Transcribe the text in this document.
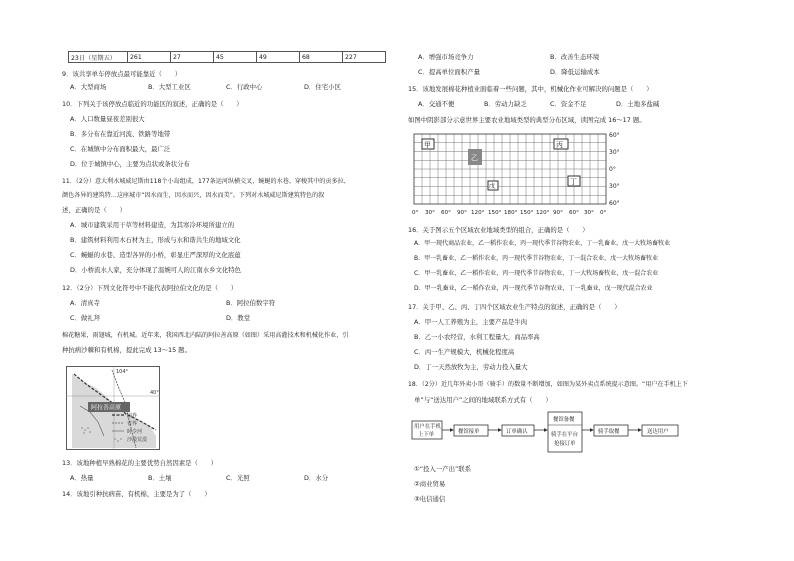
23日（星期五）	261	27	45	49	68	227
9．该共享单车停放点最可能靠近（　　）
A．大型商场	B．大型工业区	C．行政中心	D．住宅小区
10．下列关于该停放点临近的功能区的叙述，正确的是（　　）
A．人口数量昼夜差别很大
B．多分布在靠近河流、铁路等地带
C．在城镇中分布面积最大，最广泛
D．位于城镇中心，主要为点状或条状分布
11．（2分）意大利水城威尼斯由118个小岛组成，177条运河纵横交叉，蜿蜒的水巷、穿梭其中的贡多拉、
颜色各异的建筑特…这座城市“因水而生，因水而兴，因水而美”。下列对水城威尼斯建筑特色的叙
述，正确的是（　　）
A．城市建筑采用干草等材料建造，为其寒冷环境所建立的
B．建筑材料利用木石材为主，形成与水和谐共生的地域文化
C．蜿蜒的水巷、造型各异的小桥，彰显庄严深厚的文化底蕴
D．小桥流水人家，充分体现了温婉可人的江南水乡文化特色
12．（2分）下列文化符号中不能代表阿拉伯文化的是（　　）
A．清真寺	B．阿拉伯数字符
C．做礼拜	D．教堂
棉花糖果，雨翅城，有机城。近年来，我国西北内陆的阿拉善高原（如图）采用高灌技术和机械化作业，引
种抗病沙棘和有机棉，提此完成 13～15 题。
阿拉善高原
40°
104°
国界
省界
时令河
沙漠荒漠
13．该地种植早熟棉花的主要优势自然因素是（　　）
A．热量	B．土壤	C．光照	D．水分
14．该地引种抗病苗、有机棉，主要是为了（　　）
A．增强市场竞争力	B．改善生态环境
C．提高单位面积产量	D．降低运输成本
15．该地发展棉花种植业面临着一些问题，其中，机械化作业可解决的问题是（　　）
A．交通不便	B．劳动力缺乏	C．资金不足	D．土地多盐碱
如图中阴影部分示意世界主要农业地域类型的典型分布区域，读图完成 16～17 题。
甲
乙
丙
丁
戊
60°
30°
0°
30°
60°
0° 30° 60° 90° 120° 150° 180° 150° 120° 90° 60° 30° 0°
16．关于图示五个区域农业地域类型的组合，正确的是（　　）
A．甲一现代商品农业，乙一稻作农业，丙一现代季节谷物农业，丁一乳畜业，戊一大牧场畜牧业
B．甲一乳畜业，乙一稻作农业，丙一现代季节谷物农业，丁一混合农业，戊一大牧场畜牧业
C．甲一乳畜业，乙一稻作农业，丙一现代季节谷物农业，丁一大牧场畜牧业，戊一混合农业
D．甲一乳畜业，乙一稻作农业，丙一现代季节谷物农业，丁一乳畜业，戊一现代混合农业
17．关于甲、乙、丙、丁四个区域农业生产特点的叙述，正确的是（　　）
A．甲一人工养殖为主，主要产品是牛肉
B．乙一小农经营，水利工程量大，商品率高
C．丙一生产规模大，机械化程度高
D．丁一天然放牧为主，劳动力投入量大
18．（2分）近几年外卖小哥（骑手）的数量不断增加，如图为某外卖点系统提示意图。“用户在手机上下
单”与“送达用户”之间的地域联系方式有（　　）
用户在手机
上下单	餐馆接单	订单确认
餐馆备餐
骑手在平台
抢接订单
骑手取餐	送达用户
①“投入一产出”联系
②商业贸易
③电信通信
